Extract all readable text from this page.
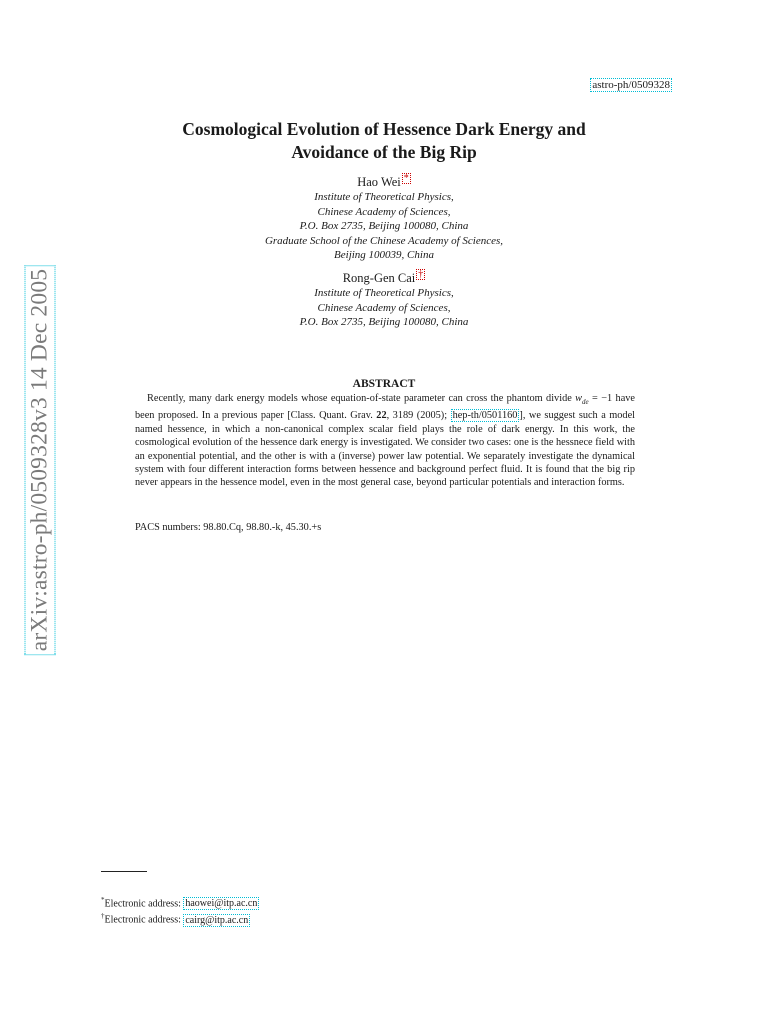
astro-ph/0509328
arXiv:astro-ph/0509328v3 14 Dec 2005
Cosmological Evolution of Hessence Dark Energy and
Avoidance of the Big Rip
Hao Wei *
Institute of Theoretical Physics,
Chinese Academy of Sciences,
P.O. Box 2735, Beijing 100080, China
Graduate School of the Chinese Academy of Sciences,
Beijing 100039, China
Rong-Gen Cai †
Institute of Theoretical Physics,
Chinese Academy of Sciences,
P.O. Box 2735, Beijing 100080, China
ABSTRACT
Recently, many dark energy models whose equation-of-state parameter can cross the phantom divide $w_{de} = -1$ have been proposed. In a previous paper [Class. Quant. Grav. 22, 3189 (2005); hep-th/0501160 ], we suggest such a model named hessence, in which a non-canonical complex scalar field plays the role of dark energy. In this work, the cosmological evolution of the hessence dark energy is investigated. We consider two cases: one is the hessnece field with an exponential potential, and the other is with a (inverse) power law potential. We separately investigate the dynamical system with four different interaction forms between hessence and background perfect fluid. It is found that the big rip never appears in the hessence model, even in the most general case, beyond particular potentials and interaction forms.
PACS numbers: 98.80.Cq, 98.80.-k, 45.30.+s
*Electronic address: haowei@itp.ac.cn
†Electronic address: cairg@itp.ac.cn
